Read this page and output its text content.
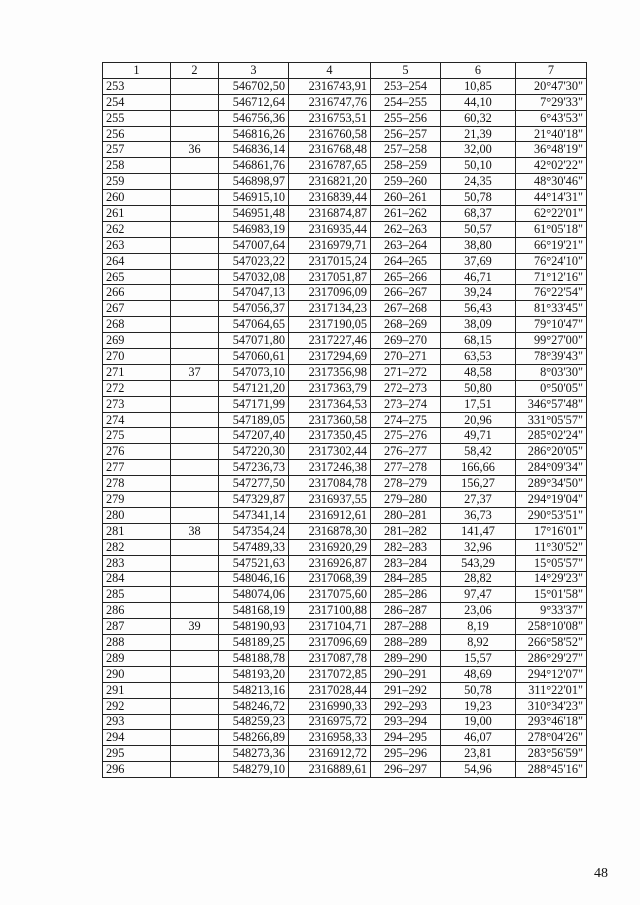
1	2	3	4	5	6	7
253		546702,50	2316743,91	253–254	10,85	20°47'30"
254		546712,64	2316747,76	254–255	44,10	7°29'33"
255		546756,36	2316753,51	255–256	60,32	6°43'53"
256		546816,26	2316760,58	256–257	21,39	21°40'18"
257	36	546836,14	2316768,48	257–258	32,00	36°48'19"
258		546861,76	2316787,65	258–259	50,10	42°02'22"
259		546898,97	2316821,20	259–260	24,35	48°30'46"
260		546915,10	2316839,44	260–261	50,78	44°14'31"
261		546951,48	2316874,87	261–262	68,37	62°22'01"
262		546983,19	2316935,44	262–263	50,57	61°05'18"
263		547007,64	2316979,71	263–264	38,80	66°19'21"
264		547023,22	2317015,24	264–265	37,69	76°24'10"
265		547032,08	2317051,87	265–266	46,71	71°12'16"
266		547047,13	2317096,09	266–267	39,24	76°22'54"
267		547056,37	2317134,23	267–268	56,43	81°33'45"
268		547064,65	2317190,05	268–269	38,09	79°10'47"
269		547071,80	2317227,46	269–270	68,15	99°27'00"
270		547060,61	2317294,69	270–271	63,53	78°39'43"
271	37	547073,10	2317356,98	271–272	48,58	8°03'30"
272		547121,20	2317363,79	272–273	50,80	0°50'05"
273		547171,99	2317364,53	273–274	17,51	346°57'48"
274		547189,05	2317360,58	274–275	20,96	331°05'57"
275		547207,40	2317350,45	275–276	49,71	285°02'24"
276		547220,30	2317302,44	276–277	58,42	286°20'05"
277		547236,73	2317246,38	277–278	166,66	284°09'34"
278		547277,50	2317084,78	278–279	156,27	289°34'50"
279		547329,87	2316937,55	279–280	27,37	294°19'04"
280		547341,14	2316912,61	280–281	36,73	290°53'51"
281	38	547354,24	2316878,30	281–282	141,47	17°16'01"
282		547489,33	2316920,29	282–283	32,96	11°30'52"
283		547521,63	2316926,87	283–284	543,29	15°05'57"
284		548046,16	2317068,39	284–285	28,82	14°29'23"
285		548074,06	2317075,60	285–286	97,47	15°01'58"
286		548168,19	2317100,88	286–287	23,06	9°33'37"
287	39	548190,93	2317104,71	287–288	8,19	258°10'08"
288		548189,25	2317096,69	288–289	8,92	266°58'52"
289		548188,78	2317087,78	289–290	15,57	286°29'27"
290		548193,20	2317072,85	290–291	48,69	294°12'07"
291		548213,16	2317028,44	291–292	50,78	311°22'01"
292		548246,72	2316990,33	292–293	19,23	310°34'23"
293		548259,23	2316975,72	293–294	19,00	293°46'18"
294		548266,89	2316958,33	294–295	46,07	278°04'26"
295		548273,36	2316912,72	295–296	23,81	283°56'59"
296		548279,10	2316889,61	296–297	54,96	288°45'16"
48
